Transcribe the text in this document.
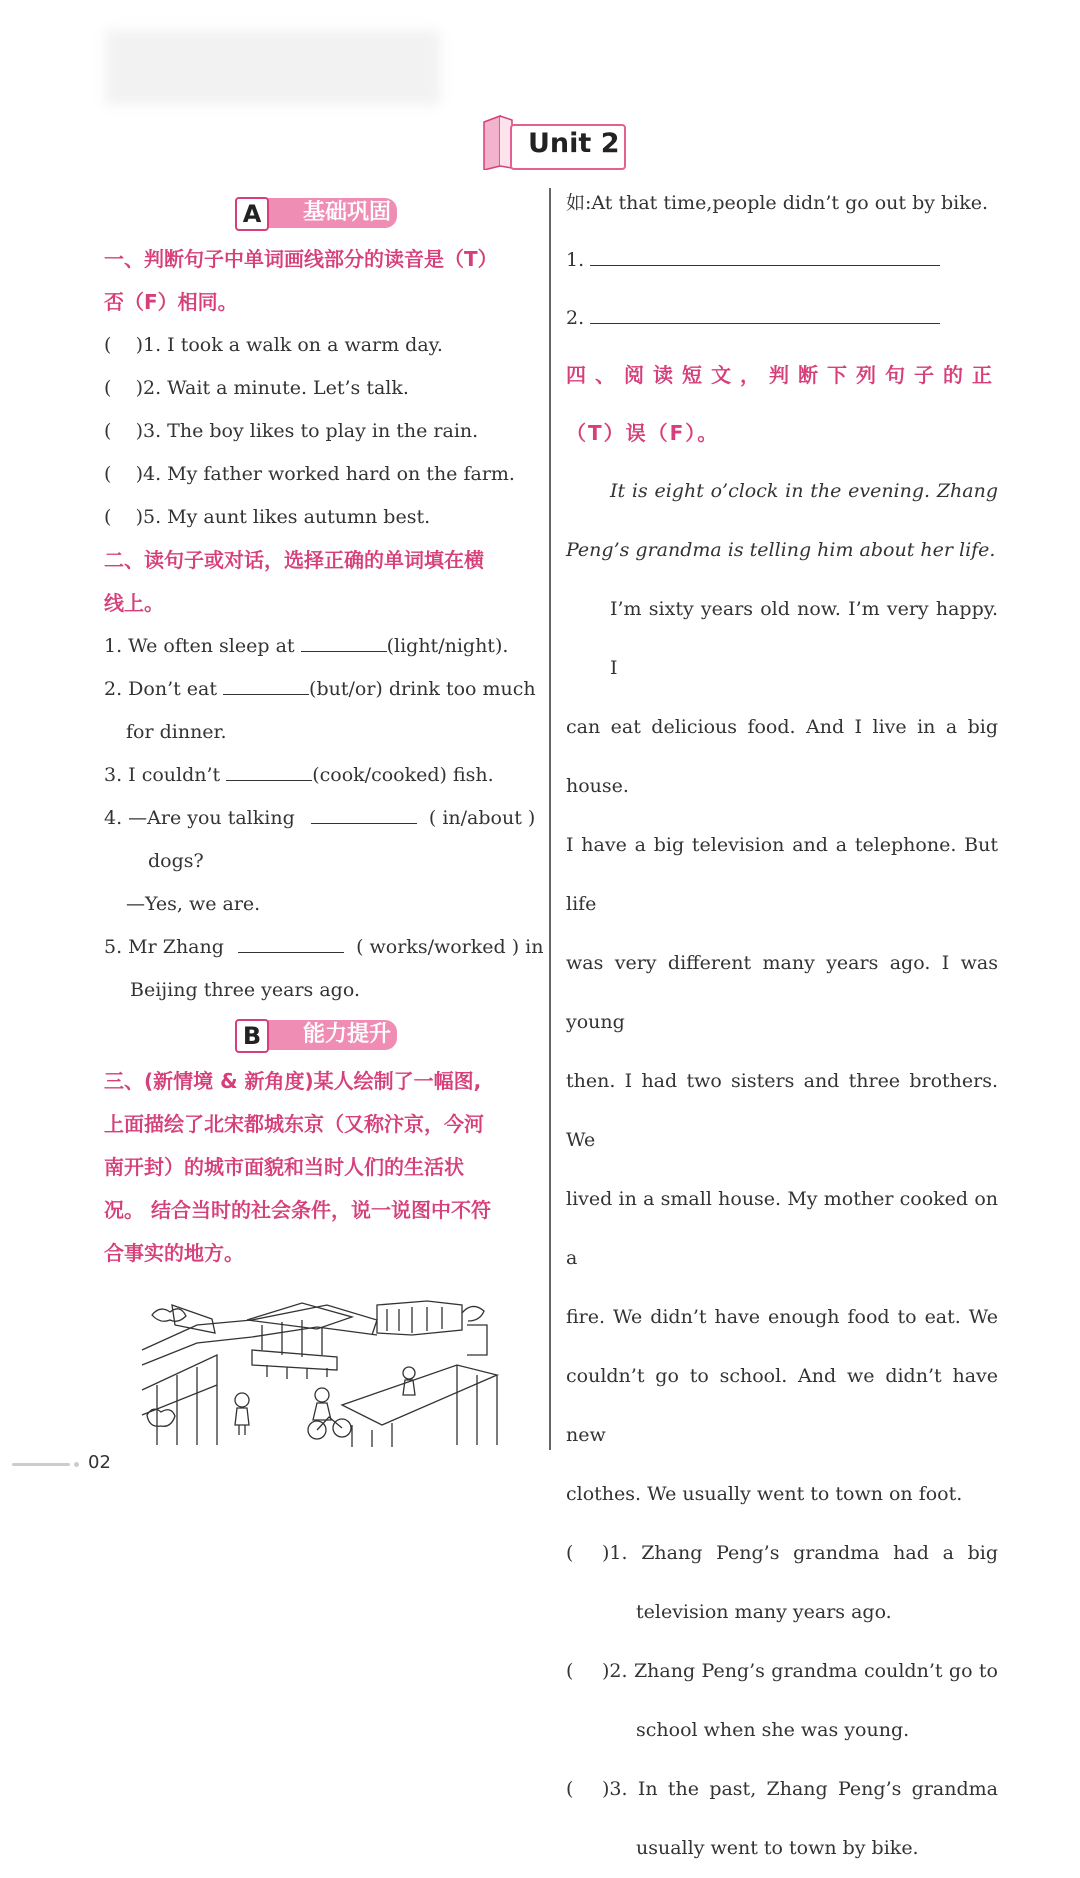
Unit 2
基础巩固
A
一、判断句子中单词画线部分的读音是（T）
否（F）相同。
( )1. I took a walk on a warm day.
( )2. Wait a minute. Let’s talk.
( )3. The boy likes to play in the rain.
( )4. My father worked hard on the farm.
( )5. My aunt likes autumn best.
二、读句子或对话，选择正确的单词填在横
线上。
1. We often sleep at	(light/night).
2. Don’t eat	(but/or) drink too much
for dinner.
3. I couldn’t	(cook/cooked) fish.
4. —Are you talking	( in/about )
dogs?
—Yes, we are.
5. Mr Zhang	( works/worked ) in
Beijing three years ago.
能力提升
B
三、(新情境 & 新角度)某人绘制了一幅图,
上面描绘了北宋都城东京（又称汴京，今河
南开封）的城市面貌和当时人们的生活状
况。 结合当时的社会条件，说一说图中不符
合事实的地方。
如:At that time,people didn’t go out by bike.
1.
2.
四、阅读短文，判断下列句子的正
（T）误（F）。
It is eight o’clock in the evening. Zhang
Peng’s grandma is telling him about her life.
I’m sixty years old now. I’m very happy. I
can eat delicious food. And I live in a big house.
I have a big television and a telephone. But life
was very different many years ago. I was young
then. I had two sisters and three brothers. We
lived in a small house. My mother cooked on a
fire. We didn’t have enough food to eat. We
couldn’t go to school. And we didn’t have new
clothes. We usually went to town on foot.
(	)1. Zhang Peng’s grandma had a big
television many years ago.
(	)2. Zhang Peng’s grandma couldn’t go to
school when she was young.
(	)3. In the past, Zhang Peng’s grandma
usually went to town by bike.
02
